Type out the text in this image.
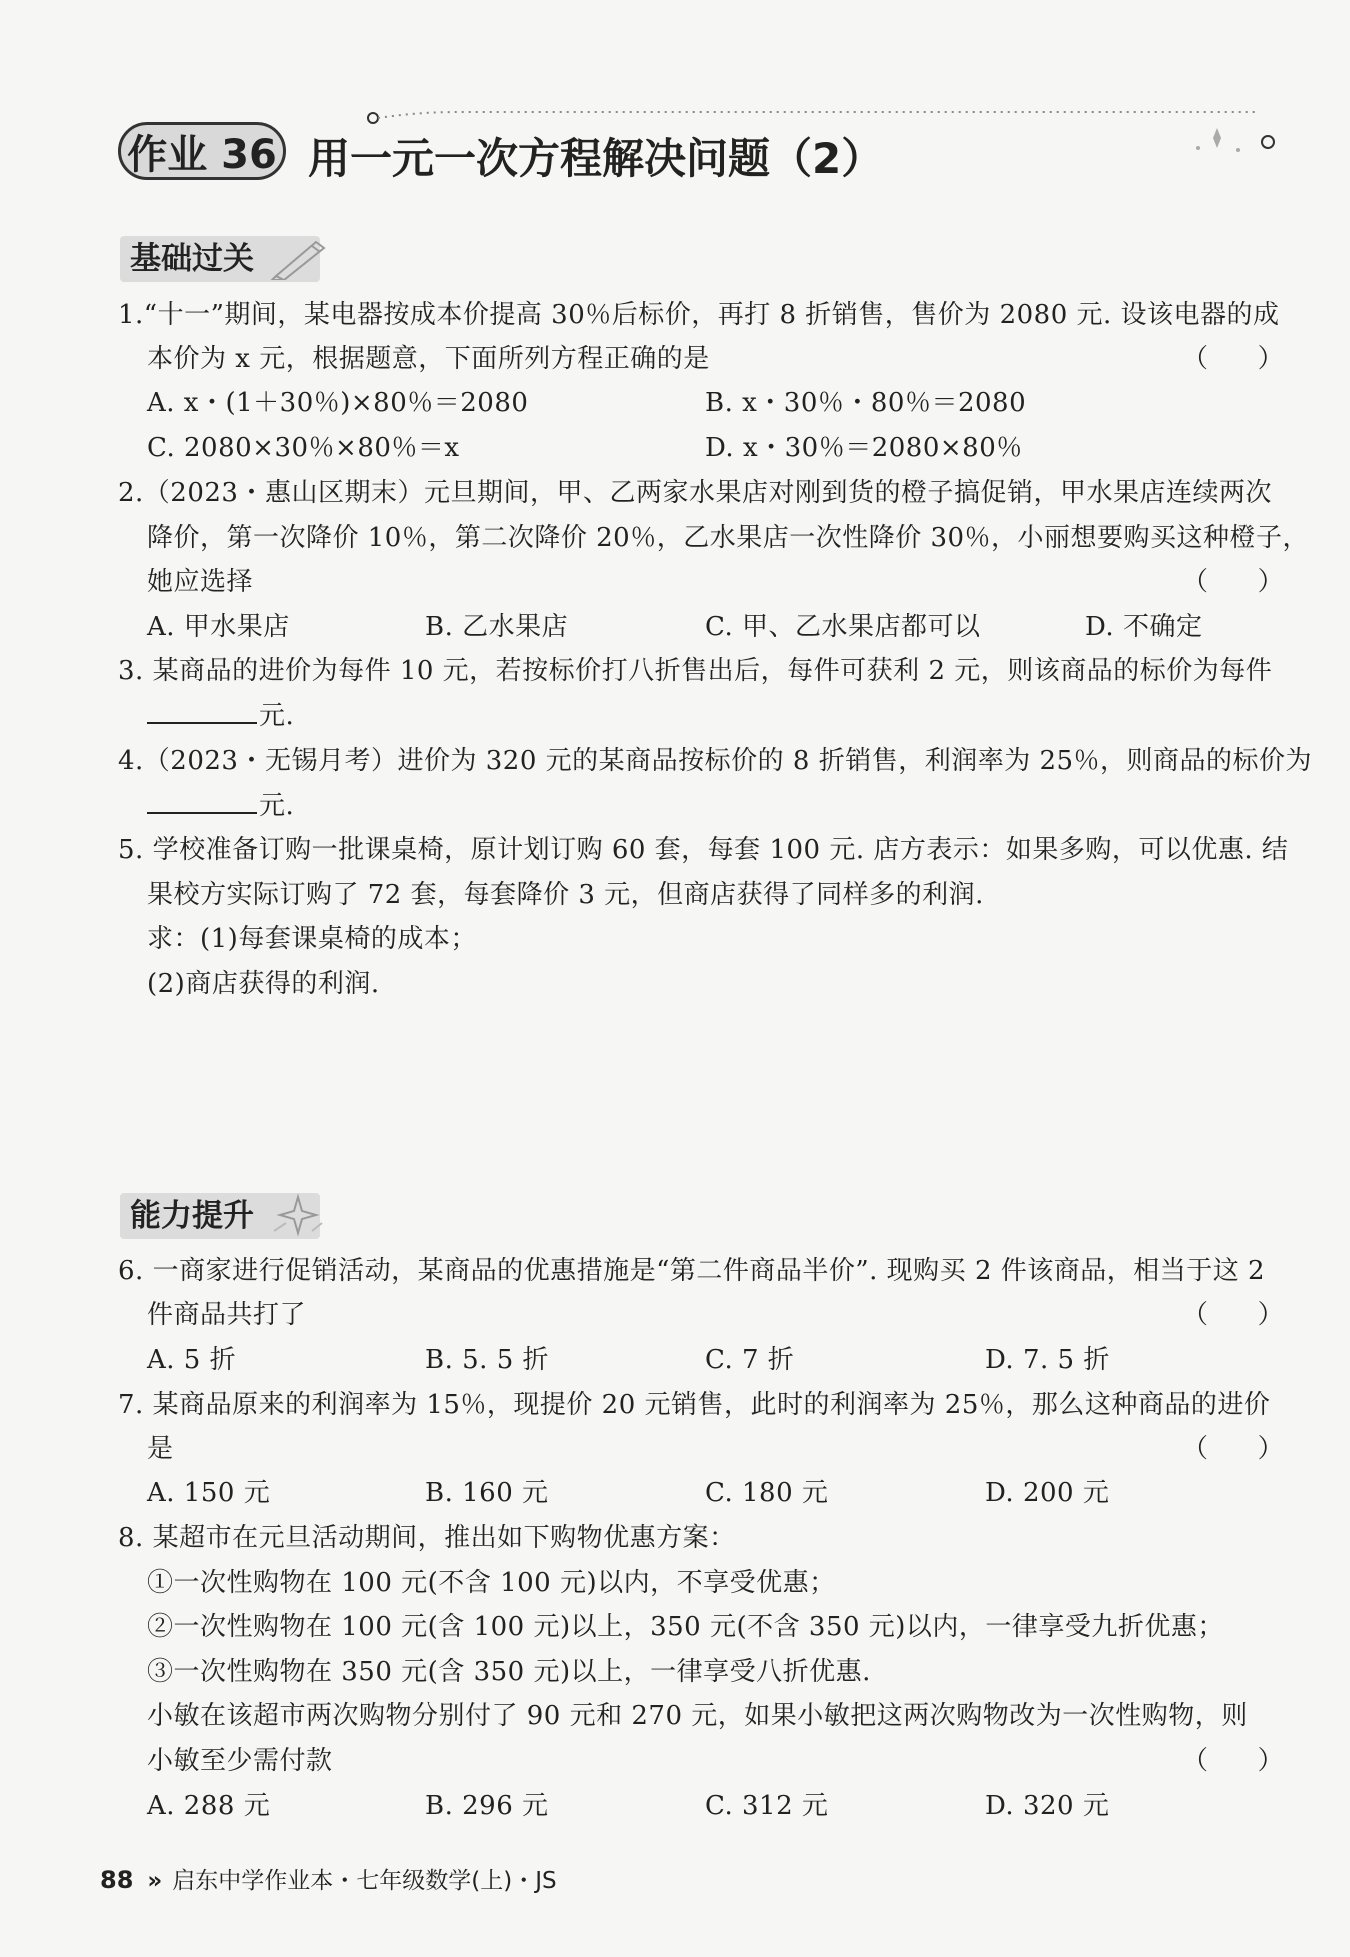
作业 36 用一元一次方程解决问题（2）
基础过关
1.“十一”期间，某电器按成本价提高 30％后标价，再打 8 折销售，售价为 2080 元. 设该电器的成
本价为 x 元，根据题意，下面所列方程正确的是	（      ）
A. x・(1＋30％)×80％＝2080	B. x・30％・80％＝2080
C. 2080×30％×80％＝x	D. x・30％＝2080×80％
2.（2023・惠山区期末）元旦期间，甲、乙两家水果店对刚到货的橙子搞促销，甲水果店连续两次
降价，第一次降价 10％，第二次降价 20％，乙水果店一次性降价 30％，小丽想要购买这种橙子，
她应选择	（      ）
A. 甲水果店	B. 乙水果店	C. 甲、乙水果店都可以	D. 不确定
3. 某商品的进价为每件 10 元，若按标价打八折售出后，每件可获利 2 元，则该商品的标价为每件
元.
4.（2023・无锡月考）进价为 320 元的某商品按标价的 8 折销售，利润率为 25％，则商品的标价为
元.
5. 学校准备订购一批课桌椅，原计划订购 60 套，每套 100 元. 店方表示：如果多购，可以优惠. 结
果校方实际订购了 72 套，每套降价 3 元，但商店获得了同样多的利润.
求：(1)每套课桌椅的成本；
(2)商店获得的利润.
能力提升
6. 一商家进行促销活动，某商品的优惠措施是“第二件商品半价”. 现购买 2 件该商品，相当于这 2
件商品共打了	（      ）
A. 5 折	B. 5. 5 折	C. 7 折	D. 7. 5 折
7. 某商品原来的利润率为 15％，现提价 20 元销售，此时的利润率为 25％，那么这种商品的进价
是	（      ）
A. 150 元	B. 160 元	C. 180 元	D. 200 元
8. 某超市在元旦活动期间，推出如下购物优惠方案：
①一次性购物在 100 元(不含 100 元)以内，不享受优惠；
②一次性购物在 100 元(含 100 元)以上，350 元(不含 350 元)以内，一律享受九折优惠；
③一次性购物在 350 元(含 350 元)以上，一律享受八折优惠.
小敏在该超市两次购物分别付了 90 元和 270 元，如果小敏把这两次购物改为一次性购物，则
小敏至少需付款	（      ）
A. 288 元	B. 296 元	C. 312 元	D. 320 元
88 » 启东中学作业本・七年级数学(上)・JS
